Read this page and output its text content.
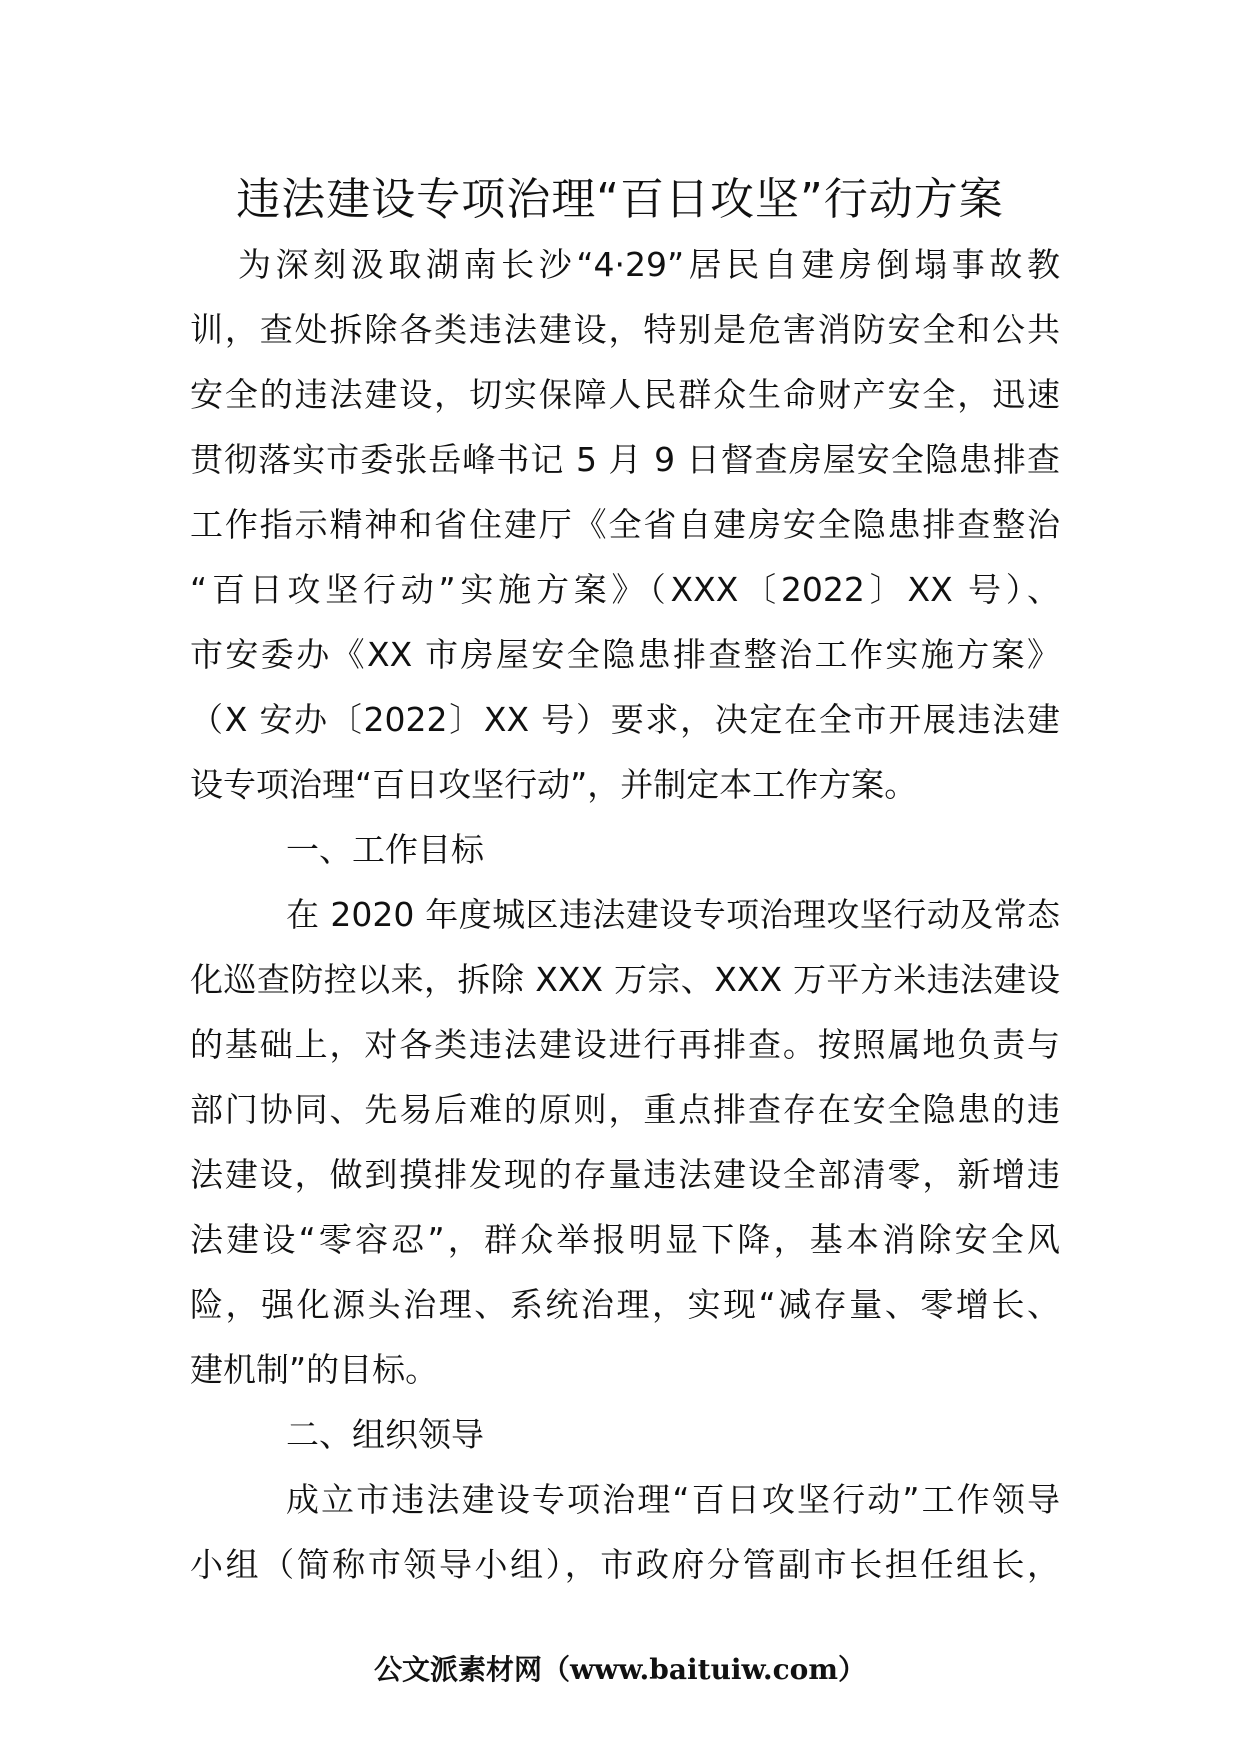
违法建设专项治理“百日攻坚”行动方案
为深刻汲取湖南长沙“4·29”居民自建房倒塌事故教
训，查处拆除各类违法建设，特别是危害消防安全和公共
安全的违法建设，切实保障人民群众生命财产安全，迅速
贯彻落实市委张岳峰书记 5 月 9 日督查房屋安全隐患排查
工作指示精神和省住建厅《全省自建房安全隐患排查整治
“百日攻坚行动”实施方案》（XXX〔2022〕XX 号）、
市安委办《XX 市房屋安全隐患排查整治工作实施方案》
（X 安办〔2022〕XX 号）要求，决定在全市开展违法建
设专项治理“百日攻坚行动”，并制定本工作方案。
一、工作目标
在 2020 年度城区违法建设专项治理攻坚行动及常态
化巡查防控以来，拆除 XXX 万宗、XXX 万平方米违法建设
的基础上，对各类违法建设进行再排查。按照属地负责与
部门协同、先易后难的原则，重点排查存在安全隐患的违
法建设，做到摸排发现的存量违法建设全部清零，新增违
法建设“零容忍”，群众举报明显下降，基本消除安全风
险，强化源头治理、系统治理，实现“减存量、零增长、
建机制”的目标。
二、组织领导
成立市违法建设专项治理“百日攻坚行动”工作领导
小组（简称市领导小组），市政府分管副市长担任组长，
公文派素材网（www.baituiw.com）
